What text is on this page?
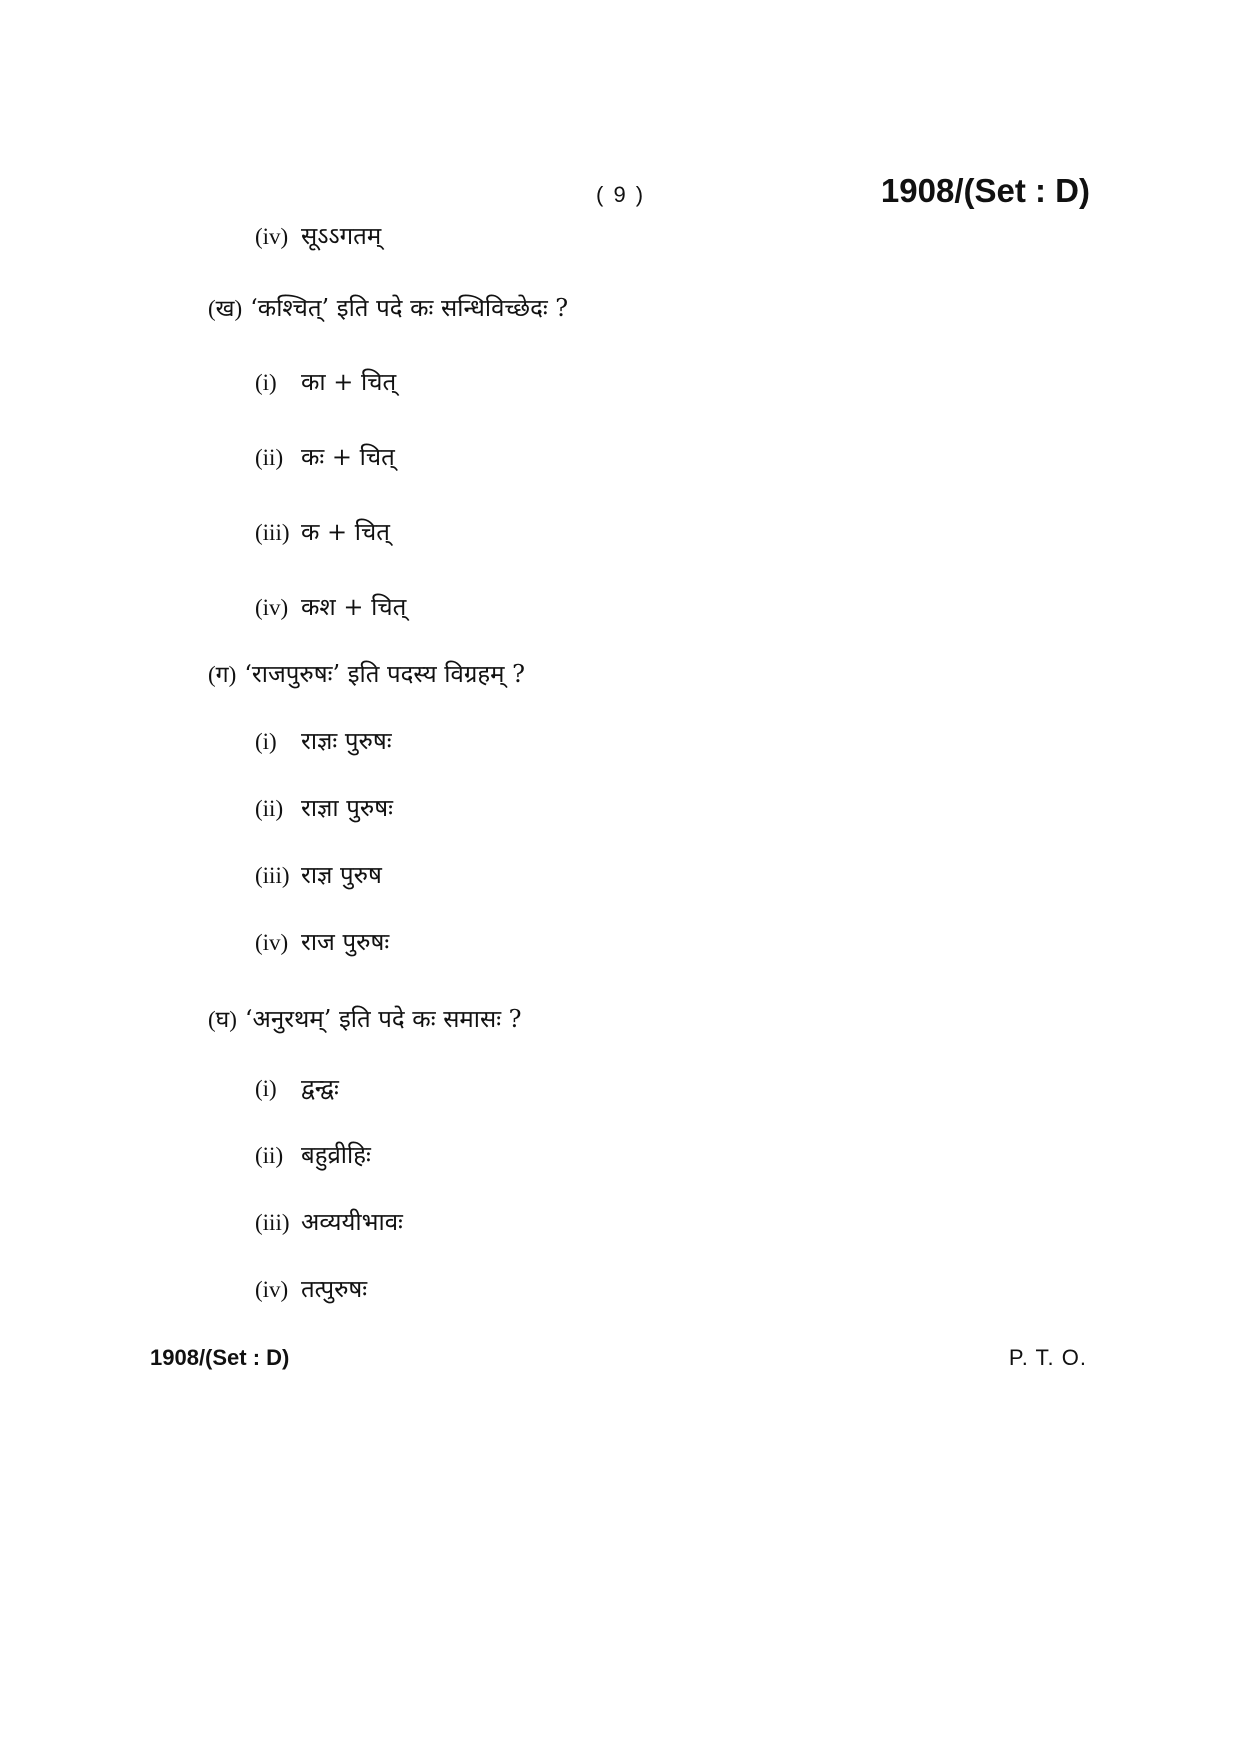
( 9 )	1908/(Set : D)
(iv) सूऽऽगतम्
(ख) ‘कश्चित्’ इति पदे कः सन्धिविच्छेदः ?
(i) का + चित्
(ii) कः + चित्
(iii) क + चित्
(iv) कश + चित्
(ग) ‘राजपुरुषः’ इति पदस्य विग्रहम् ?
(i) राज्ञः पुरुषः
(ii) राज्ञा पुरुषः
(iii) राज्ञ पुरुष
(iv) राज पुरुषः
(घ) ‘अनुरथम्’ इति पदे कः समासः ?
(i) द्वन्द्वः
(ii) बहुव्रीहिः
(iii) अव्ययीभावः
(iv) तत्पुरुषः
1908/(Set : D)	P. T. O.
